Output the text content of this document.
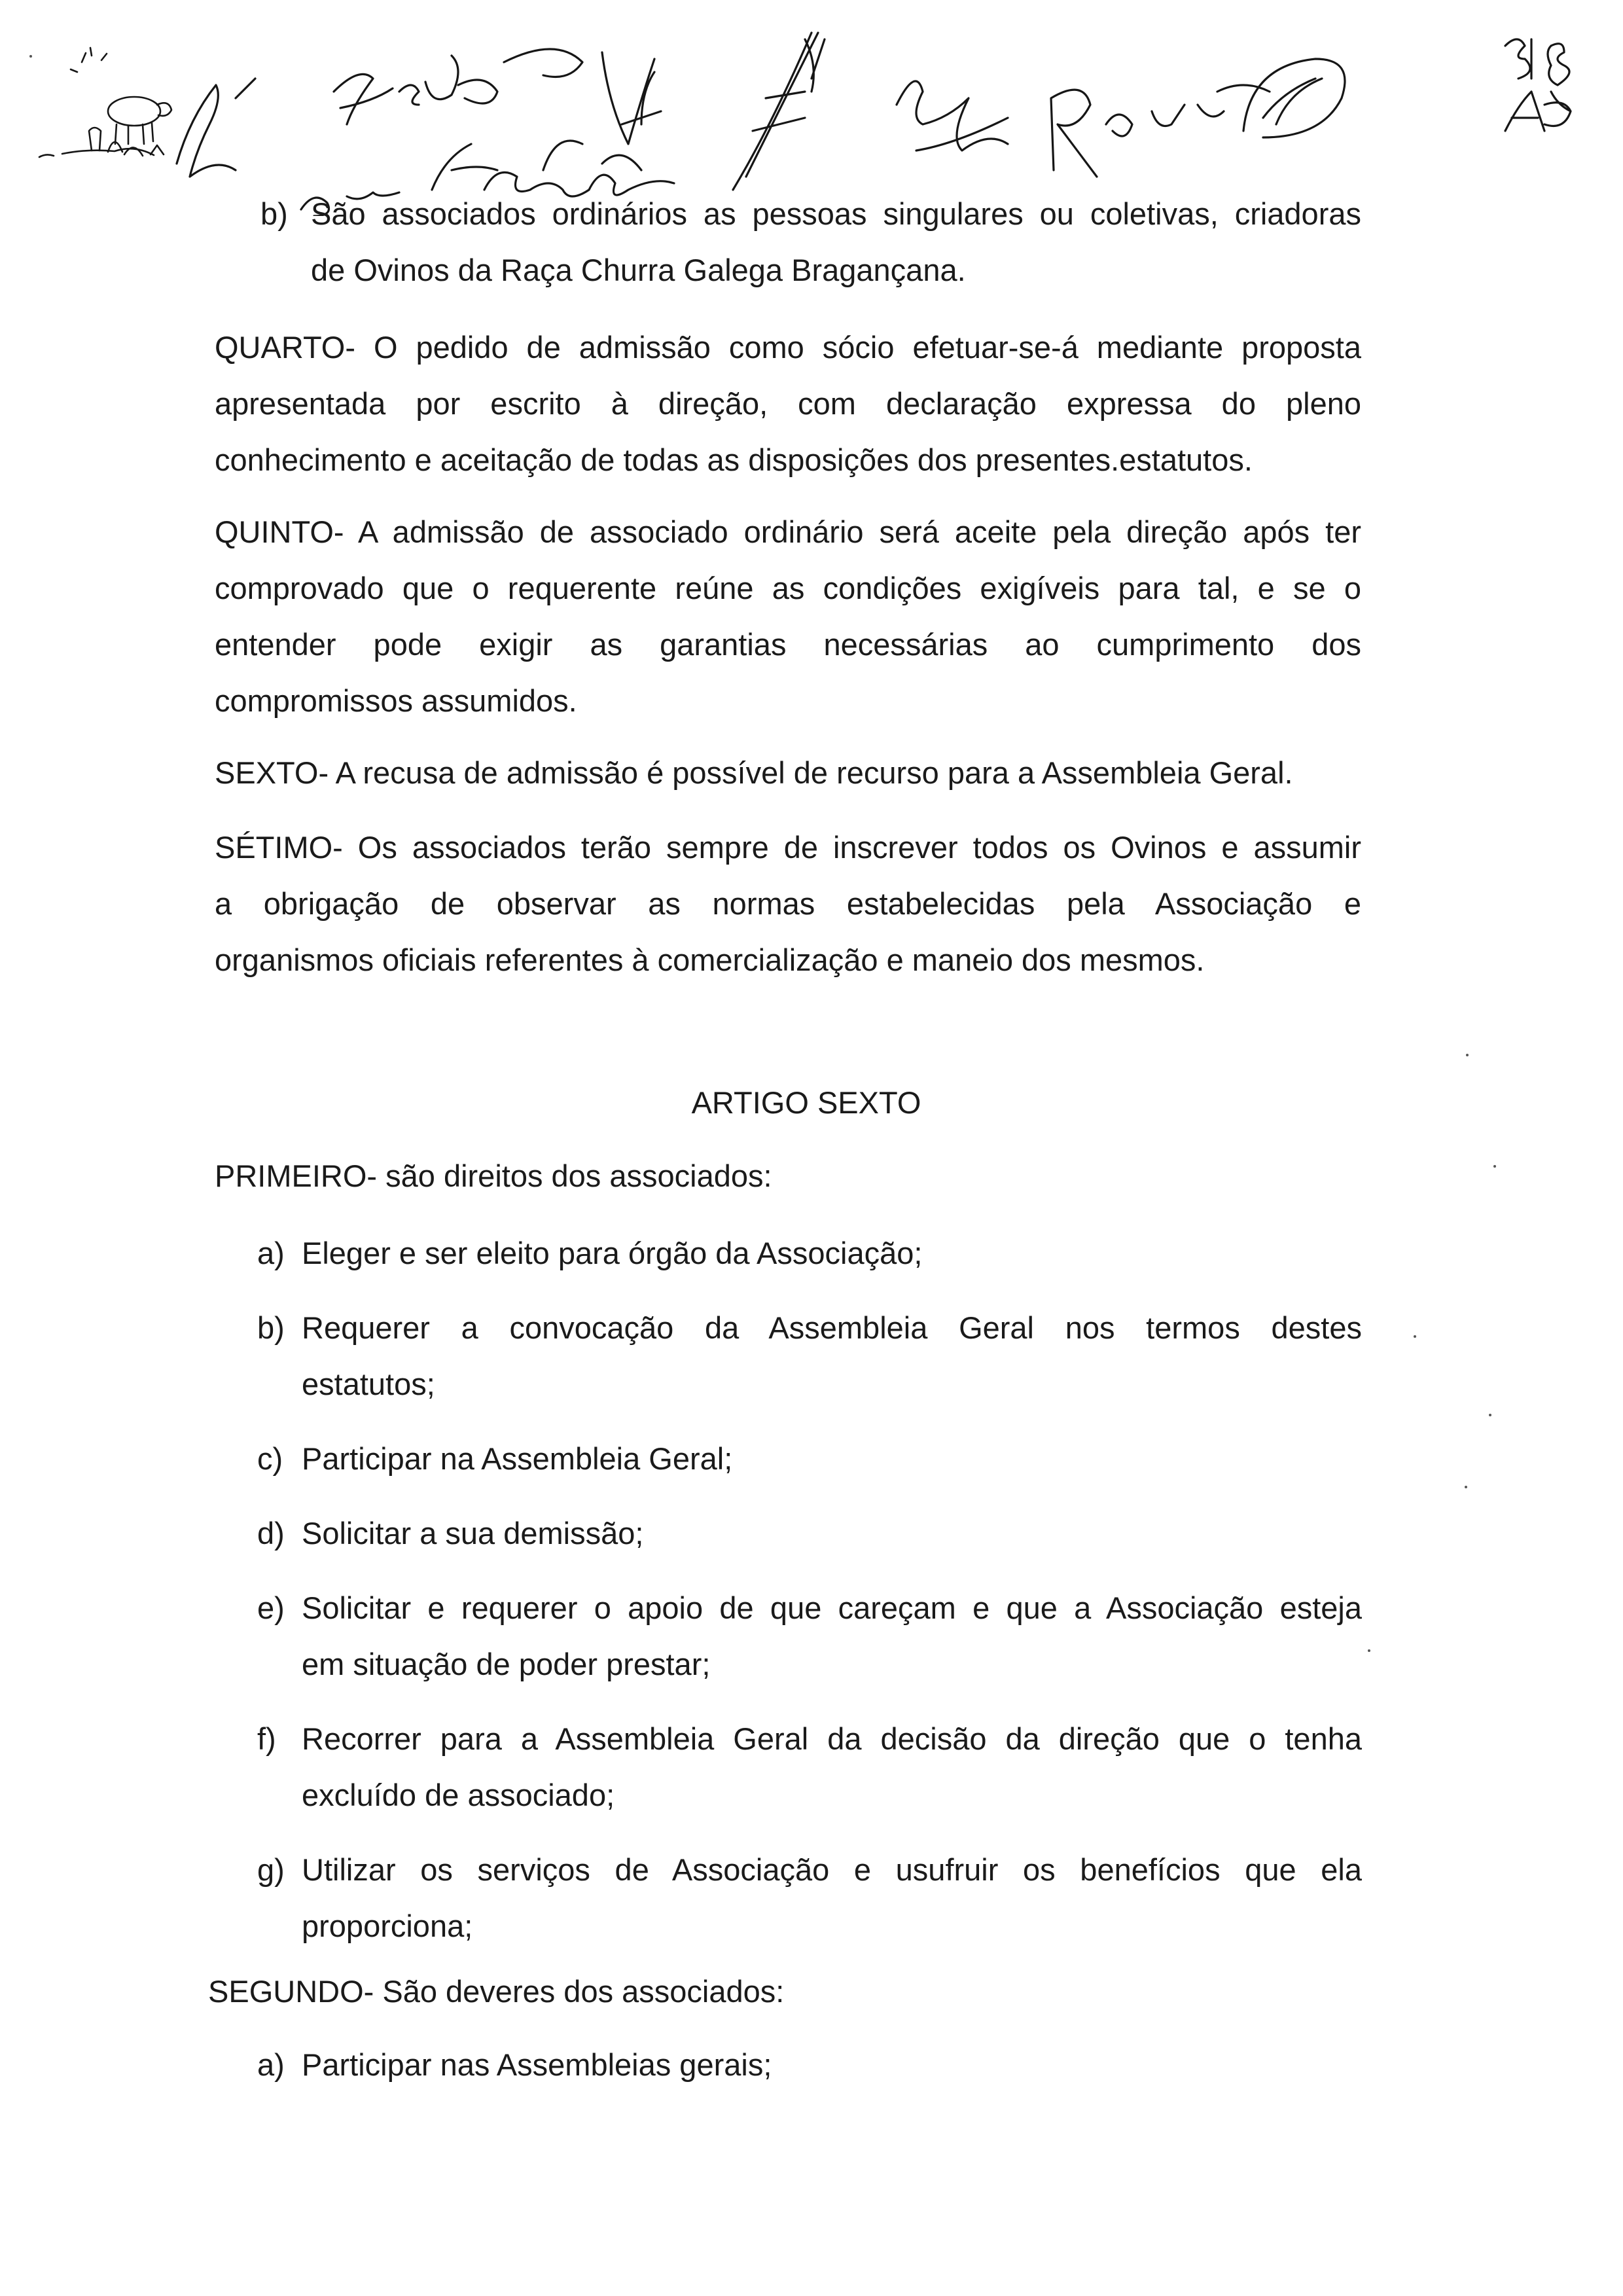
b) São associados ordinários as pessoas singulares ou coletivas, criadoras
de Ovinos da Raça Churra Galega Bragançana.
QUARTO- O pedido de admissão como sócio efetuar-se-á mediante proposta
apresentada por escrito à direção, com declaração expressa do pleno
conhecimento e aceitação de todas as disposições dos presentes.estatutos.
QUINTO- A admissão de associado ordinário será aceite pela direção após ter
comprovado que o requerente reúne as condições exigíveis para tal, e se o
entender pode exigir as garantias necessárias ao cumprimento dos
compromissos assumidos.
SEXTO- A recusa de admissão é possível de recurso para a Assembleia Geral.
SÉTIMO- Os associados terão sempre de inscrever todos os Ovinos e assumir
a obrigação de observar as normas estabelecidas pela Associação e
organismos oficiais referentes à comercialização e maneio dos mesmos.
ARTIGO SEXTO
PRIMEIRO- são direitos dos associados:
a) Eleger e ser eleito para órgão da Associação;
b) Requerer a convocação da Assembleia Geral nos termos destes
estatutos;
c) Participar na Assembleia Geral;
d) Solicitar a sua demissão;
e) Solicitar e requerer o apoio de que careçam e que a Associação esteja
em situação de poder prestar;
f) Recorrer para a Assembleia Geral da decisão da direção que o tenha
excluído de associado;
g) Utilizar os serviços de Associação e usufruir os benefícios que ela
proporciona;
SEGUNDO- São deveres dos associados:
a) Participar nas Assembleias gerais;
